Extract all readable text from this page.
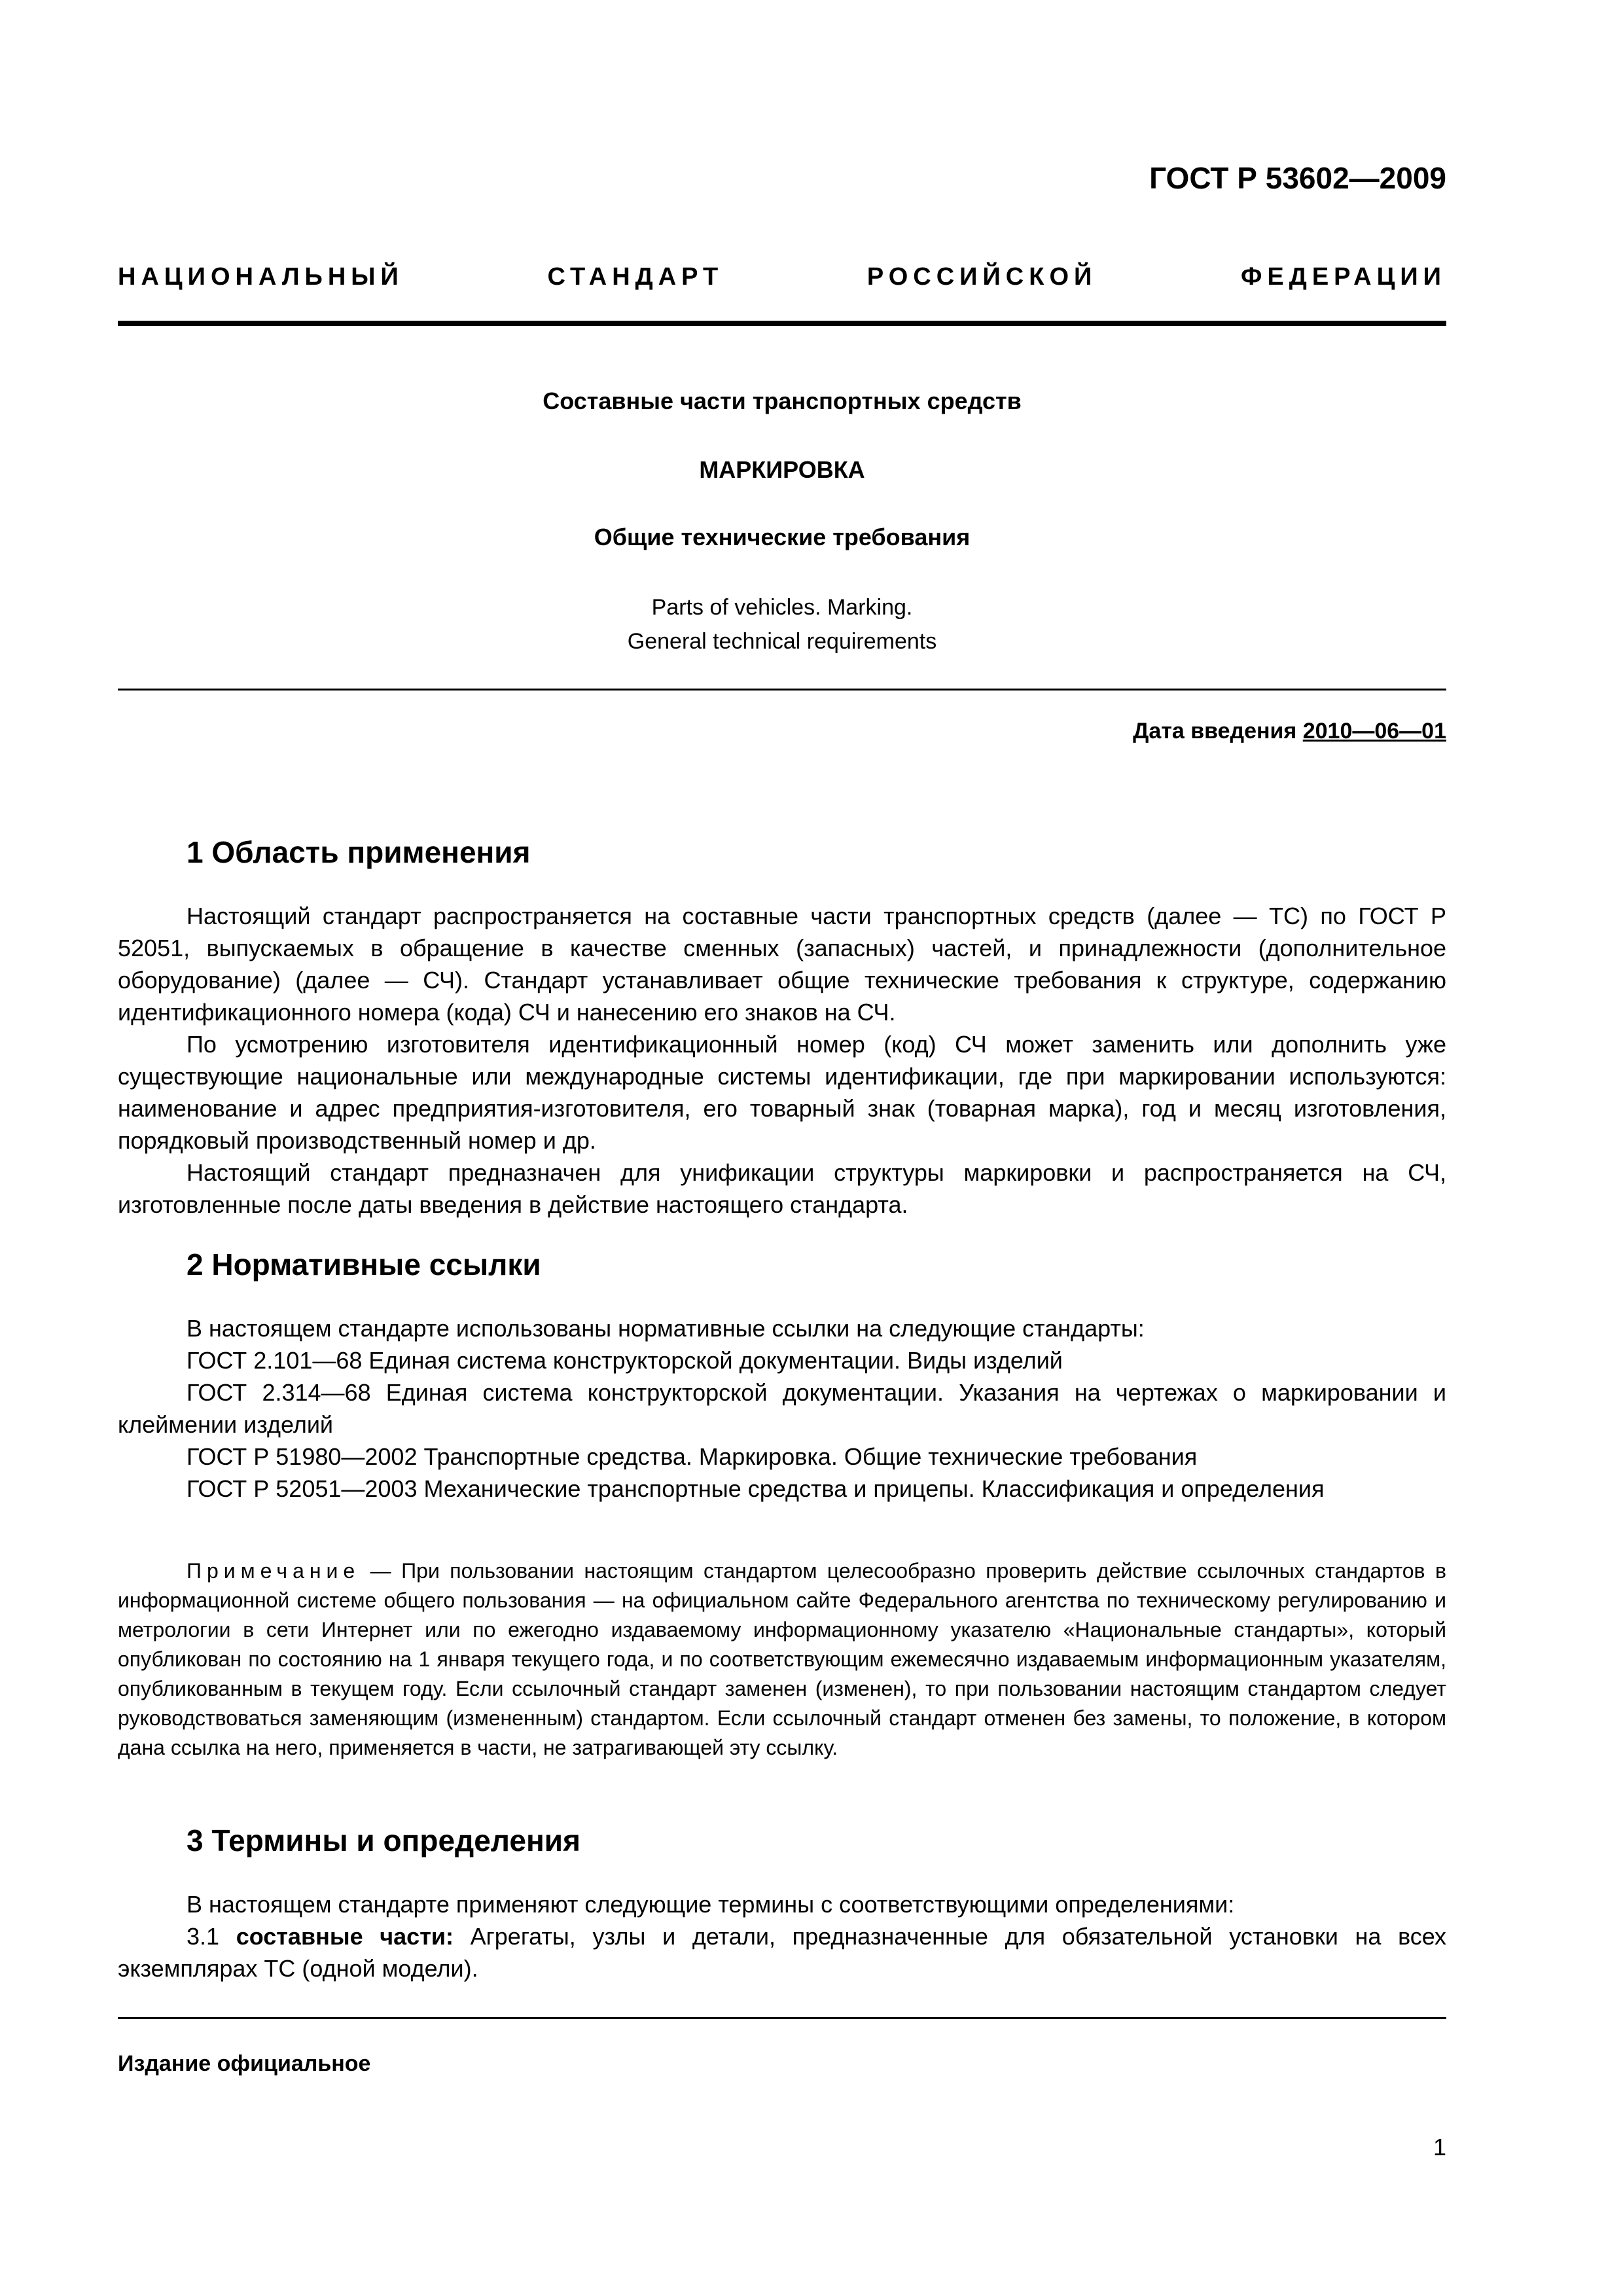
ГОСТ Р 53602—2009
НАЦИОНАЛЬНЫЙ	СТАНДАРТ	РОССИЙСКОЙ	ФЕДЕРАЦИИ
Составные части транспортных средств
МАРКИРОВКА
Общие технические требования
Parts of vehicles. Marking.
General technical requirements
Дата введения 2010—06—01
1 Область применения

Настоящий стандарт распространяется на составные части транспортных средств (далее — ТС) по ГОСТ Р 52051, выпускаемых в обращение в качестве сменных (запасных) частей, и принадлежности (дополнительное оборудование) (далее — СЧ). Стандарт устанавливает общие технические требования к структуре, содержанию идентификационного номера (кода) СЧ и нанесению его знаков на СЧ.

По усмотрению изготовителя идентификационный номер (код) СЧ может заменить или дополнить уже существующие национальные или международные системы идентификации, где при маркировании используются: наименование и адрес предприятия-изготовителя, его товарный знак (товарная марка), год и месяц изготовления, порядковый производственный номер и др.

Настоящий стандарт предназначен для унификации структуры маркировки и распространяется на СЧ, изготовленные после даты введения в действие настоящего стандарта.

2 Нормативные ссылки

В настоящем стандарте использованы нормативные ссылки на следующие стандарты:

ГОСТ 2.101—68 Единая система конструкторской документации. Виды изделий

ГОСТ 2.314—68 Единая система конструкторской документации. Указания на чертежах о маркировании и клеймении изделий

ГОСТ Р 51980—2002 Транспортные средства. Маркировка. Общие технические требования

ГОСТ Р 52051—2003 Механические транспортные средства и прицепы. Классификация и определения

Примечание — При пользовании настоящим стандартом целесообразно проверить действие ссылочных стандартов в информационной системе общего пользования — на официальном сайте Федерального агентства по техническому регулированию и метрологии в сети Интернет или по ежегодно издаваемому информационному указателю «Национальные стандарты», который опубликован по состоянию на 1 января текущего года, и по соответствующим ежемесячно издаваемым информационным указателям, опубликованным в текущем году. Если ссылочный стандарт заменен (изменен), то при пользовании настоящим стандартом следует руководствоваться заменяющим (измененным) стандартом. Если ссылочный стандарт отменен без замены, то положение, в котором дана ссылка на него, применяется в части, не затрагивающей эту ссылку.
3 Термины и определения

В настоящем стандарте применяют следующие термины с соответствующими определениями:

3.1 составные части: Агрегаты, узлы и детали, предназначенные для обязательной установки на всех экземплярах ТС (одной модели).

Издание официальное
1
